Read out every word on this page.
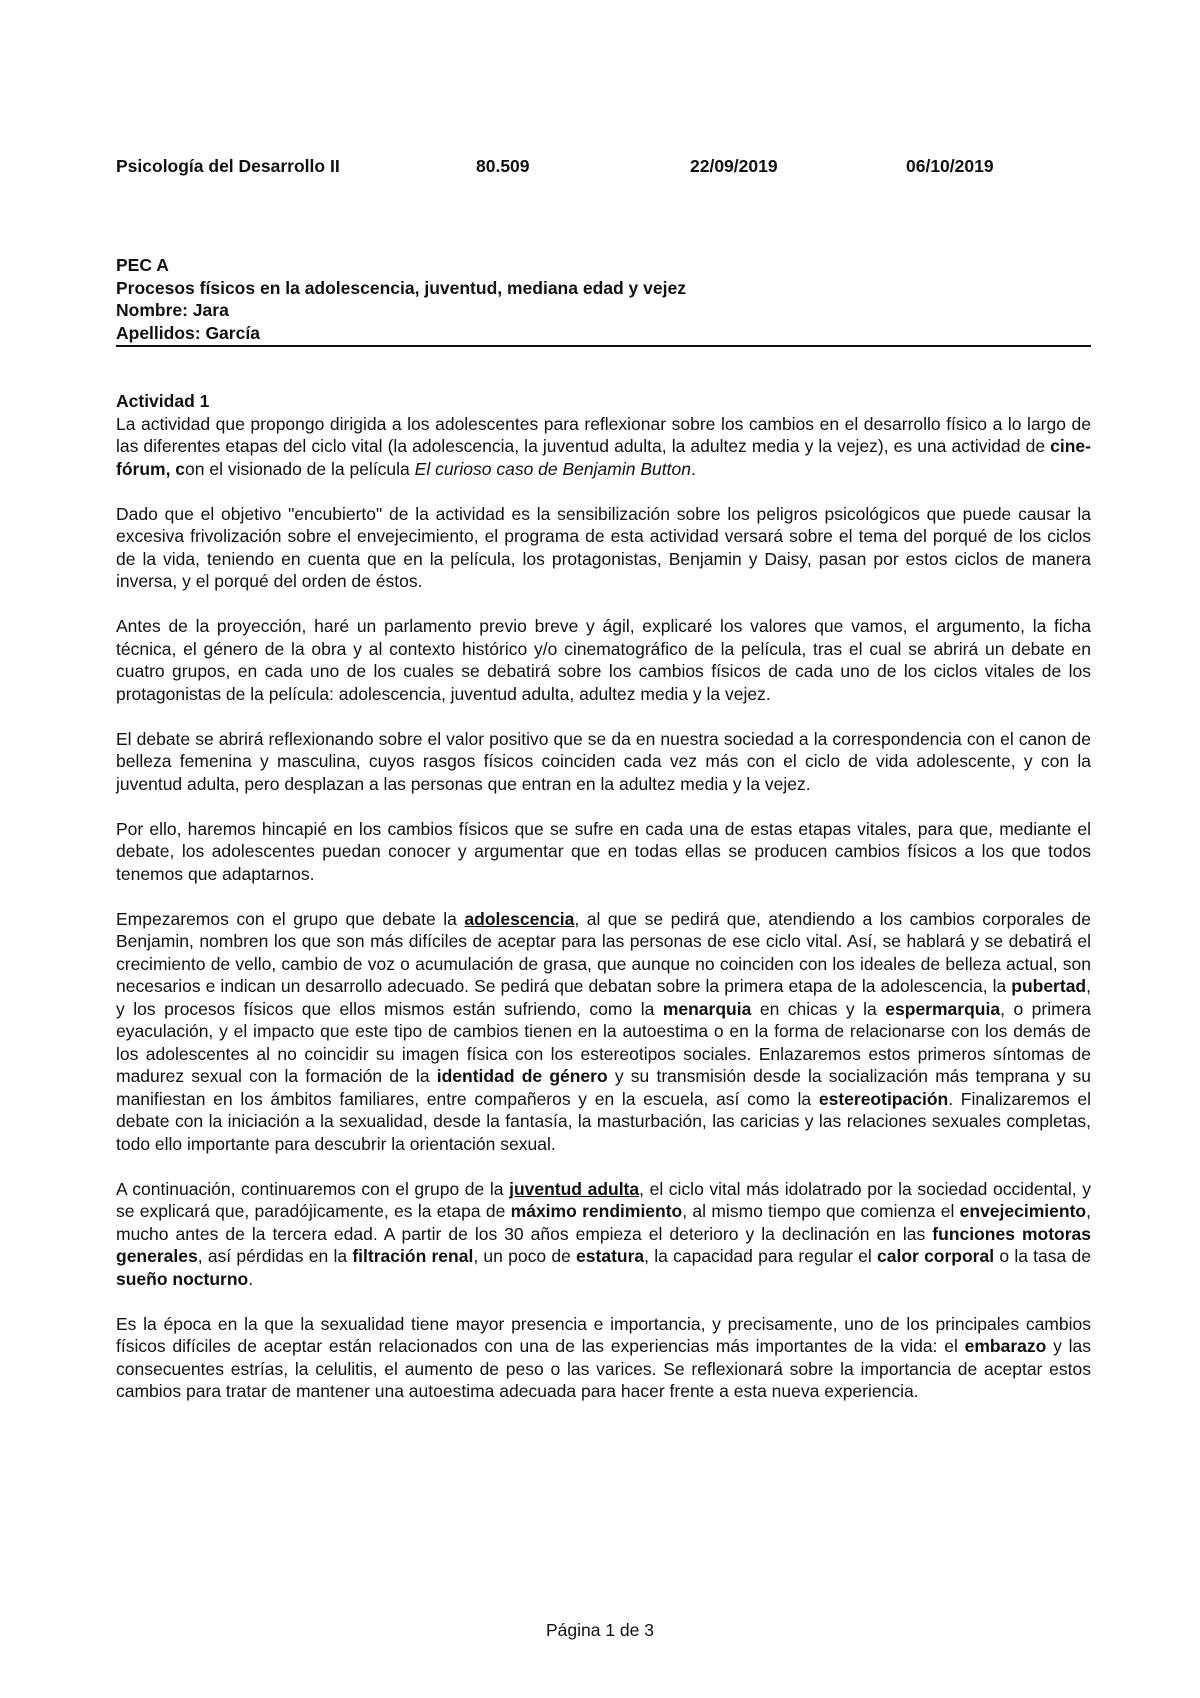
Psicología del Desarrollo II	80.509	22/09/2019	06/10/2019
PEC A
Procesos físicos en la adolescencia, juventud, mediana edad y vejez
Nombre: Jara
Apellidos: García
Actividad 1

La actividad que propongo dirigida a los adolescentes para reflexionar sobre los cambios en el desarrollo físico a lo largo de las diferentes etapas del ciclo vital (la adolescencia, la juventud adulta, la adultez media y la vejez), es una actividad de cine-fórum, con el visionado de la película El curioso caso de Benjamin Button.

Dado que el objetivo "encubierto" de la actividad es la sensibilización sobre los peligros psicológicos que puede causar la excesiva frivolización sobre el envejecimiento, el programa de esta actividad versará sobre el tema del porqué de los ciclos de la vida, teniendo en cuenta que en la película, los protagonistas, Benjamin y Daisy, pasan por estos ciclos de manera inversa, y el porqué del orden de éstos.

Antes de la proyección, haré un parlamento previo breve y ágil, explicaré los valores que vamos, el argumento, la ficha técnica, el género de la obra y al contexto histórico y/o cinematográfico de la película, tras el cual se abrirá un debate en cuatro grupos, en cada uno de los cuales se debatirá sobre los cambios físicos de cada uno de los ciclos vitales de los protagonistas de la película: adolescencia, juventud adulta, adultez media y la vejez.

El debate se abrirá reflexionando sobre el valor positivo que se da en nuestra sociedad a la correspondencia con el canon de belleza femenina y masculina, cuyos rasgos físicos coinciden cada vez más con el ciclo de vida adolescente, y con la juventud adulta, pero desplazan a las personas que entran en la adultez media y la vejez.

Por ello, haremos hincapié en los cambios físicos que se sufre en cada una de estas etapas vitales, para que, mediante el debate, los adolescentes puedan conocer y argumentar que en todas ellas se producen cambios físicos a los que todos tenemos que adaptarnos.

Empezaremos con el grupo que debate la adolescencia, al que se pedirá que, atendiendo a los cambios corporales de Benjamin, nombren los que son más difíciles de aceptar para las personas de ese ciclo vital. Así, se hablará y se debatirá el crecimiento de vello, cambio de voz o acumulación de grasa, que aunque no coinciden con los ideales de belleza actual, son necesarios e indican un desarrollo adecuado. Se pedirá que debatan sobre la primera etapa de la adolescencia, la pubertad, y los procesos físicos que ellos mismos están sufriendo, como la menarquia en chicas y la espermarquia, o primera eyaculación, y el impacto que este tipo de cambios tienen en la autoestima o en la forma de relacionarse con los demás de los adolescentes al no coincidir su imagen física con los estereotipos sociales. Enlazaremos estos primeros síntomas de madurez sexual con la formación de la identidad de género y su transmisión desde la socialización más temprana y su manifiestan en los ámbitos familiares, entre compañeros y en la escuela, así como la estereotipación. Finalizaremos el debate con la iniciación a la sexualidad, desde la fantasía, la masturbación, las caricias y las relaciones sexuales completas, todo ello importante para descubrir la orientación sexual.

A continuación, continuaremos con el grupo de la juventud adulta, el ciclo vital más idolatrado por la sociedad occidental, y se explicará que, paradójicamente, es la etapa de máximo rendimiento, al mismo tiempo que comienza el envejecimiento, mucho antes de la tercera edad. A partir de los 30 años empieza el deterioro y la declinación en las funciones motoras generales, así pérdidas en la filtración renal, un poco de estatura, la capacidad para regular el calor corporal o la tasa de sueño nocturno.

Es la época en la que la sexualidad tiene mayor presencia e importancia, y precisamente, uno de los principales cambios físicos difíciles de aceptar están relacionados con una de las experiencias más importantes de la vida: el embarazo y las consecuentes estrías, la celulitis, el aumento de peso o las varices. Se reflexionará sobre la importancia de aceptar estos cambios para tratar de mantener una autoestima adecuada para hacer frente a esta nueva experiencia.

Página 1 de 3
